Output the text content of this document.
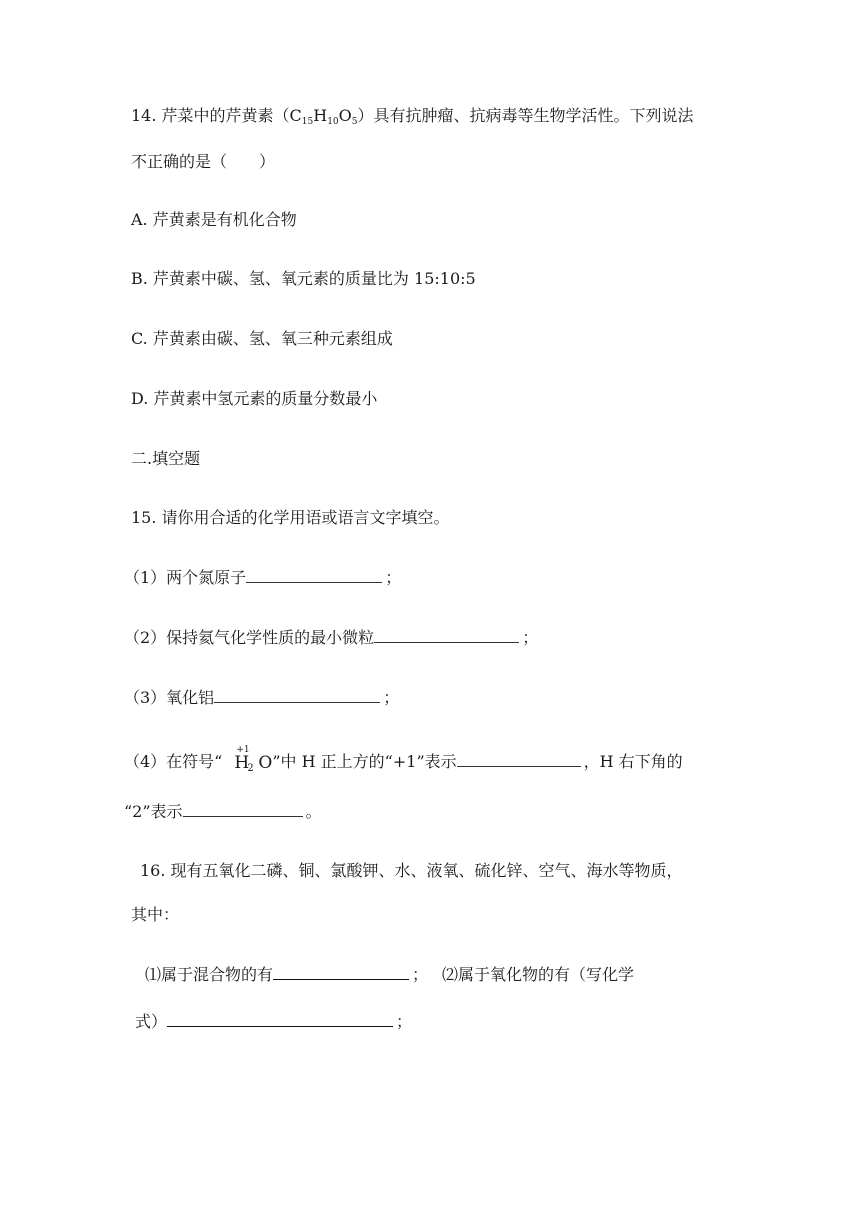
14. 芹菜中的芹黄素$(C_{15}H_{10}O_5)$具有抗肿瘤、抗病毒等生物学活性。下列说法
不正确的是（　　）
A. 芹黄素是有机化合物
B. 芹黄素中碳、氢、氧元素的质量比为 15:10:5
C. 芹黄素由碳、氢、氧三种元素组成
D. 芹黄素中氢元素的质量分数最小
二.填空题
15. 请你用合适的化学用语或语言文字填空。
（1）两个氮原子	；
（2）保持氦气化学性质的最小微粒	；
（3）氧化铝	；
（4）在符号“
+1
H
2 O ”中 H 正上方的“+1”表示	，H 右下角的
“2”表示	。
16. 现有五氧化二磷、铜、氯酸钾、水、液氧、硫化锌、空气、海水等物质，
其中：
⑴属于混合物的有	； ⑵属于氧化物的有（写化学
式）	；
